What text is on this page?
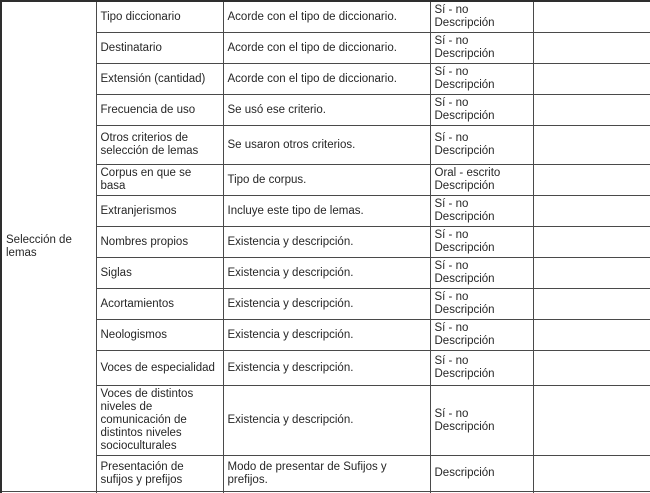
Selección de lemas	Tipo diccionario	Acorde con el tipo de diccionario.	Sí - no
Descripción	

	Destinatario	Acorde con el tipo de diccionario.	Sí - no
Descripción	

	Extensión (cantidad)	Acorde con el tipo de diccionario.	Sí - no
Descripción	

	Frecuencia de uso	Se usó ese criterio.	Sí - no
Descripción	

	Otros criterios de selección de lemas	Se usaron otros criterios.	Sí - no
Descripción	

	Corpus en que se basa	Tipo de corpus.	Oral - escrito
Descripción	

	Extranjerismos	Incluye este tipo de lemas.	Sí - no
Descripción	

	Nombres propios	Existencia y descripción.	Sí - no
Descripción	

	Siglas	Existencia y descripción.	Sí - no
Descripción	

	Acortamientos	Existencia y descripción.	Sí - no
Descripción	

	Neologismos	Existencia y descripción.	Sí - no
Descripción	

	Voces de especialidad	Existencia y descripción.	Sí - no
Descripción	

	Voces de distintos niveles de comunicación de distintos niveles socioculturales	Existencia y descripción.	Sí - no
Descripción	

	Presentación de sufijos y prefijos	Modo de presentar de Sufijos y prefijos.	Descripción	
